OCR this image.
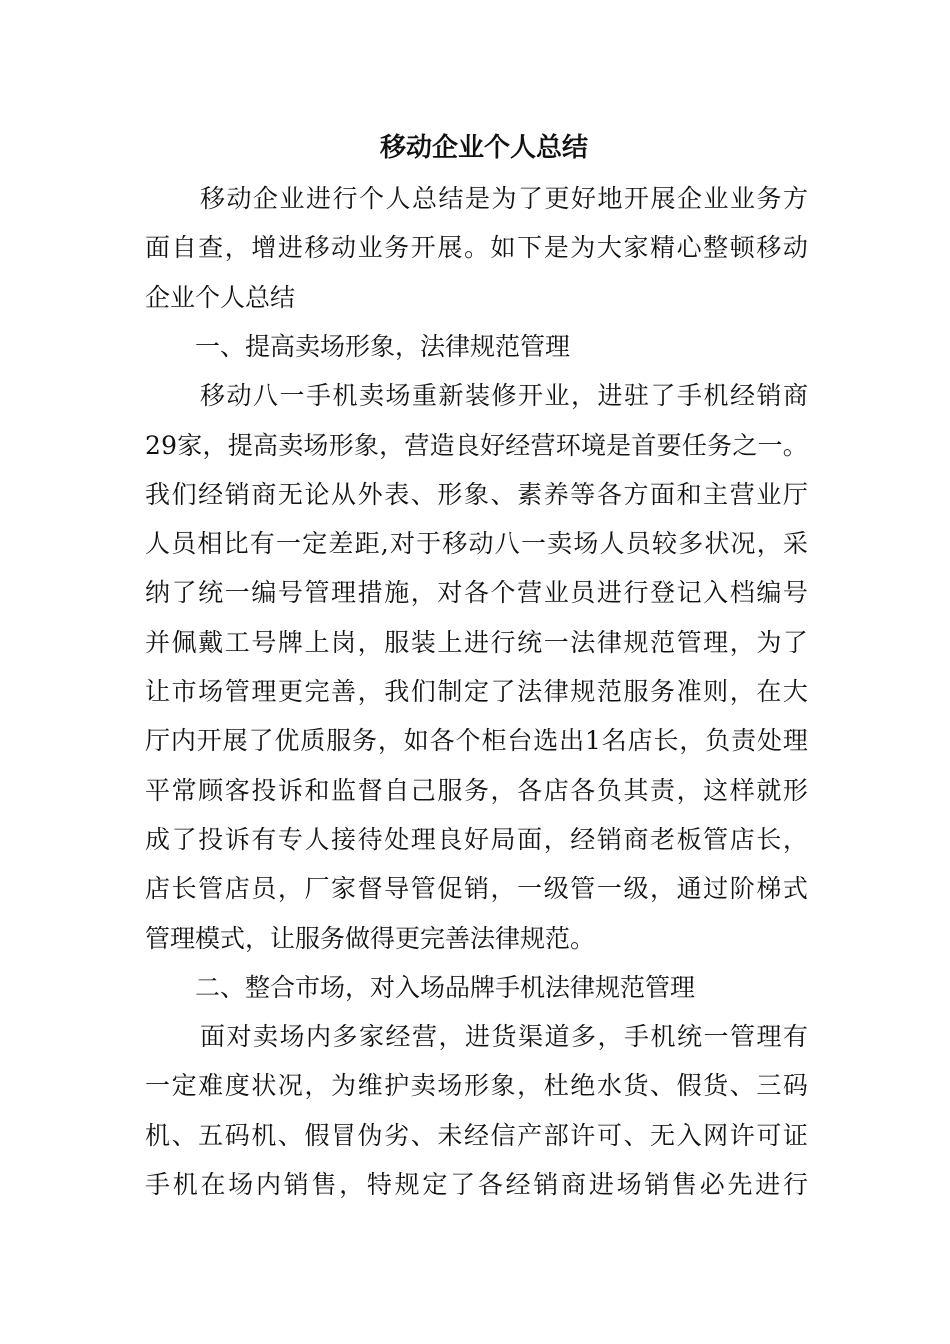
移动企业个人总结

移动企业进行个人总结是为了更好地开展企业业务方

面自查，增进移动业务开展。如下是为大家精心整顿移动

企业个人总结

一、提高卖场形象，法律规范管理

移动八一手机卖场重新装修开业，进驻了手机经销商

29家，提高卖场形象，营造良好经营环境是首要任务之一。

我们经销商无论从外表、形象、素养等各方面和主营业厅

人员相比有一定差距,对于移动八一卖场人员较多状况，采

纳了统一编号管理措施，对各个营业员进行登记入档编号

并佩戴工号牌上岗，服装上进行统一法律规范管理，为了

让市场管理更完善，我们制定了法律规范服务准则，在大

厅内开展了优质服务，如各个柜台选出1名店长，负责处理

平常顾客投诉和监督自己服务，各店各负其责，这样就形

成了投诉有专人接待处理良好局面，经销商老板管店长，

店长管店员，厂家督导管促销，一级管一级，通过阶梯式

管理模式，让服务做得更完善法律规范。

二、整合市场，对入场品牌手机法律规范管理

面对卖场内多家经营，进货渠道多，手机统一管理有

一定难度状况，为维护卖场形象，杜绝水货、假货、三码

机、五码机、假冒伪劣、未经信产部许可、无入网许可证

手机在场内销售，特规定了各经销商进场销售必先进行
